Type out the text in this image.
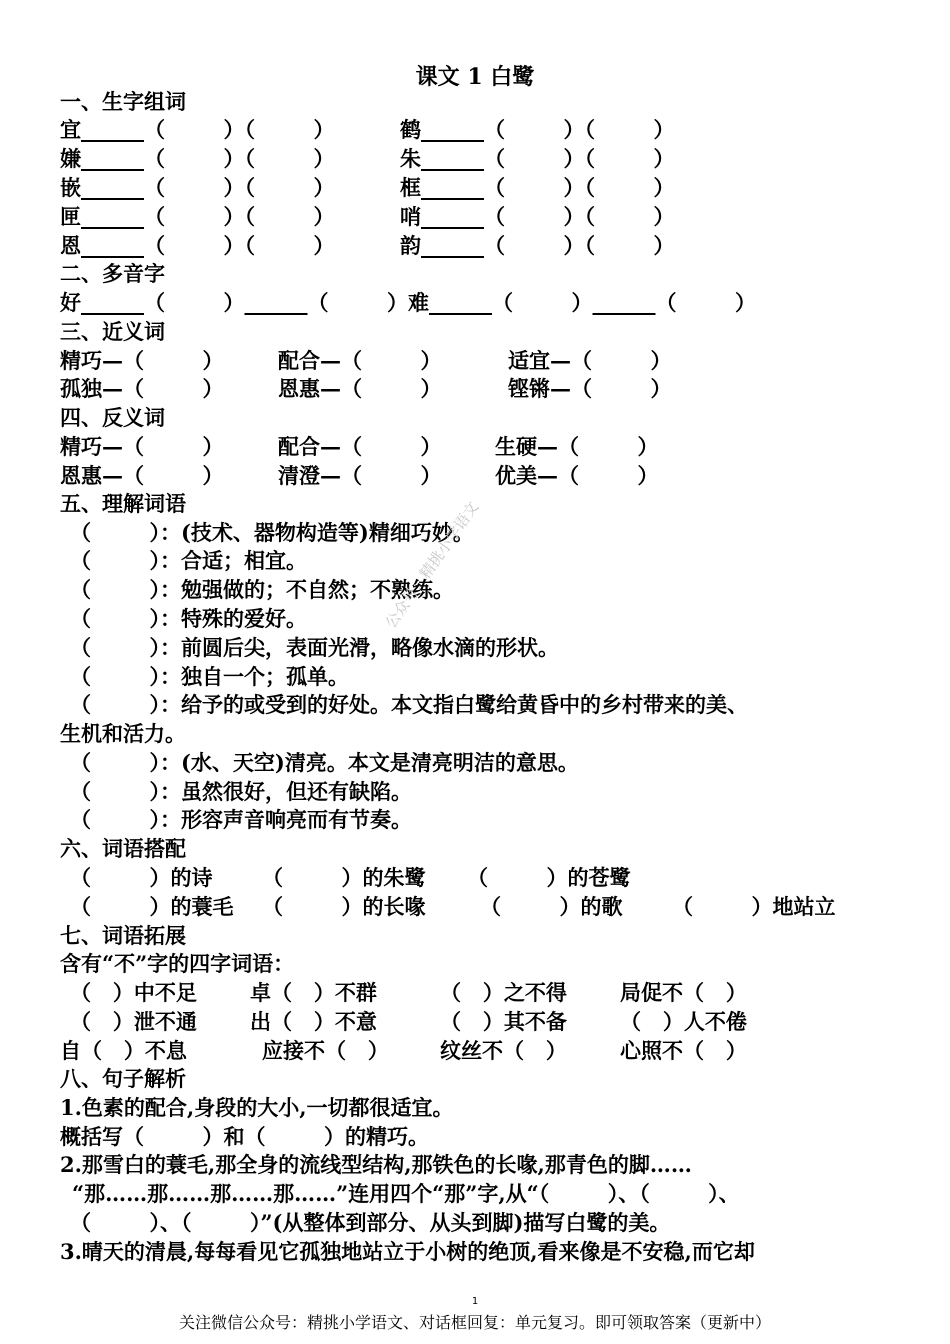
课文 1 白鹭
一、生字组词
宜______（        ）（        ）	鹤______（        ）（        ）
嫌______（        ）（        ）	朱______（        ）（        ）
嵌______（        ）（        ）	框______（        ）（        ）
匣______（        ）（        ）	哨______（        ）（        ）
恩______（        ）（        ）	韵______（        ）（        ）
二、多音字
好______（        ）______（        ）难______（        ）______（        ）
三、近义词
精巧—（        ）	配合—（        ）	适宜—（        ）
孤独—（        ）	恩惠—（        ）	铿锵—（        ）
四、反义词
精巧—（        ）	配合—（        ）	生硬—（        ）
恩惠—（        ）	清澄—（        ）	优美—（        ）
五、理解词语
（        ）：(技术、器物构造等)精细巧妙。
（        ）：合适；相宜。
（        ）：勉强做的；不自然；不熟练。
（        ）：特殊的爱好。
（        ）：前圆后尖，表面光滑，略像水滴的形状。
（        ）：独自一个；孤单。
（        ）：给予的或受到的好处。本文指白鹭给黄昏中的乡村带来的美、
生机和活力。
（        ）：(水、天空)清亮。本文是清亮明洁的意思。
（        ）：虽然很好，但还有缺陷。
（        ）：形容声音响亮而有节奏。
六、词语搭配
（        ）的诗 （        ）的朱鹭 （        ）的苍鹭
（        ）的蓑毛 （        ）的长喙	（        ）的歌 （        ）地站立
七、词语拓展
含有“不”字的四字词语：
（   ）中不足	卓（   ）不群	（   ）之不得	局促不（   ）
（   ）泄不通	出（   ）不意	（   ）其不备	（   ）人不倦
自（   ）不息	应接不（   ） 纹丝不（   ）	心照不（   ）
八、句子解析
1.色素的配合,身段的大小,一切都很适宜。
概括写（        ）和（        ）的精巧。
2.那雪白的蓑毛,那全身的流线型结构,那铁色的长喙,那青色的脚……
“那……那……那……那……”连用四个“那”字,从“（        ）、（        ）、
（        ）、（        ）”(从整体到部分、从头到脚)描写白鹭的美。
3.晴天的清晨,每每看见它孤独地站立于小树的绝顶,看来像是不安稳,而它却
公众号：精挑小学语文
1
关注微信公众号：精挑小学语文、对话框回复：单元复习。即可领取答案（更新中）
